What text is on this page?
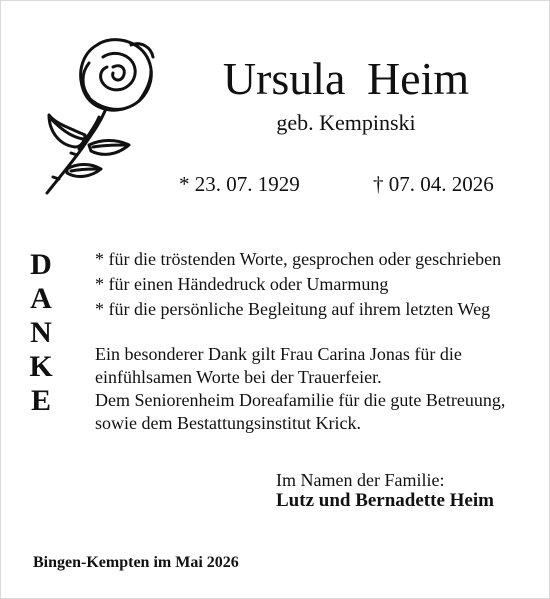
Ursula Heim
geb. Kempinski
* 23. 07. 1929	† 07. 04. 2026
D
A
N
K
E
* für die tröstenden Worte, gesprochen oder geschrieben
* für einen Händedruck oder Umarmung
* für die persönliche Begleitung auf ihrem letzten Weg
Ein besonderer Dank gilt Frau Carina Jonas für die
einfühlsamen Worte bei der Trauerfeier.
Dem Seniorenheim Doreafamilie für die gute Betreuung,
sowie dem Bestattungsinstitut Krick.
Im Namen der Familie:
Lutz und Bernadette Heim
Bingen-Kempten im Mai 2026
